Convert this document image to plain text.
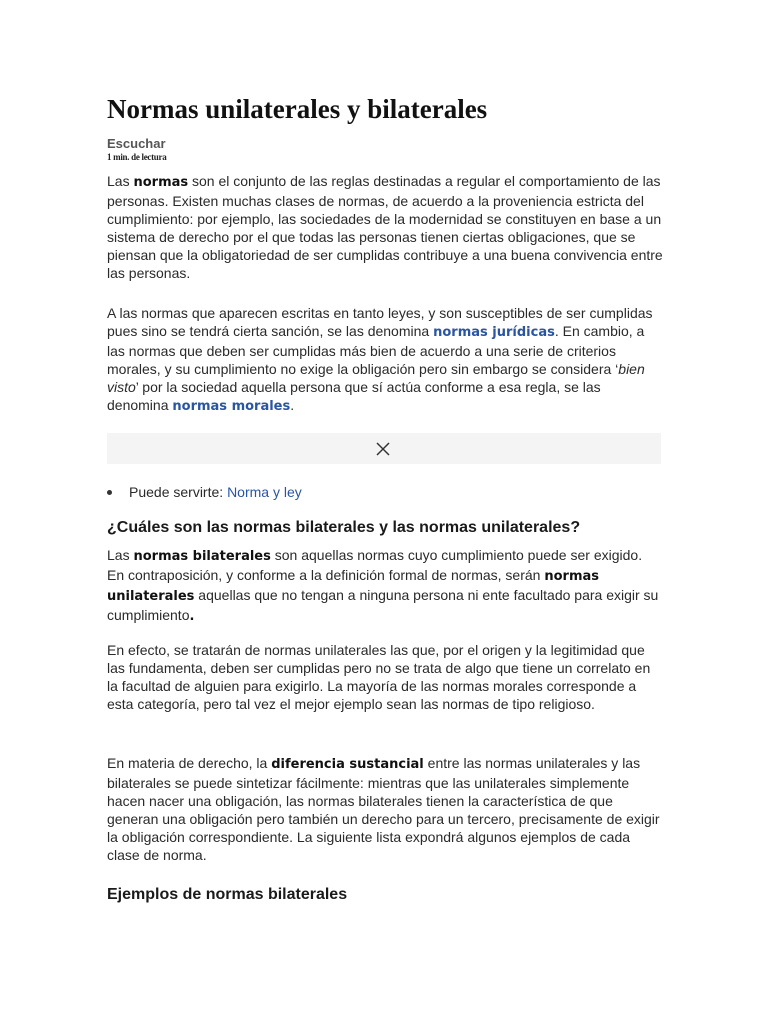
Normas unilaterales y bilaterales
Escuchar
1 min. de lectura

Las normas son el conjunto de las reglas destinadas a regular el comportamiento de las personas. Existen muchas clases de normas, de acuerdo a la proveniencia estricta del cumplimiento: por ejemplo, las sociedades de la modernidad se constituyen en base a un sistema de derecho por el que todas las personas tienen ciertas obligaciones, que se piensan que la obligatoriedad de ser cumplidas contribuye a una buena convivencia entre las personas.

A las normas que aparecen escritas en tanto leyes, y son susceptibles de ser cumplidas pues sino se tendrá cierta sanción, se las denomina normas jurídicas. En cambio, a las normas que deben ser cumplidas más bien de acuerdo a una serie de criterios morales, y su cumplimiento no exige la obligación pero sin embargo se considera ‘bien visto’ por la sociedad aquella persona que sí actúa conforme a esa regla, se las denomina normas morales.

Puede servirte: Norma y ley
¿Cuáles son las normas bilaterales y las normas unilaterales?

Las normas bilaterales son aquellas normas cuyo cumplimiento puede ser exigido. En contraposición, y conforme a la definición formal de normas, serán normas unilaterales aquellas que no tengan a ninguna persona ni ente facultado para exigir su cumplimiento.

En efecto, se tratarán de normas unilaterales las que, por el origen y la legitimidad que las fundamenta, deben ser cumplidas pero no se trata de algo que tiene un correlato en la facultad de alguien para exigirlo. La mayoría de las normas morales corresponde a esta categoría, pero tal vez el mejor ejemplo sean las normas de tipo religioso.

En materia de derecho, la diferencia sustancial entre las normas unilaterales y las bilaterales se puede sintetizar fácilmente: mientras que las unilaterales simplemente hacen nacer una obligación, las normas bilaterales tienen la característica de que generan una obligación pero también un derecho para un tercero, precisamente de exigir la obligación correspondiente. La siguiente lista expondrá algunos ejemplos de cada clase de norma.

Ejemplos de normas bilaterales
